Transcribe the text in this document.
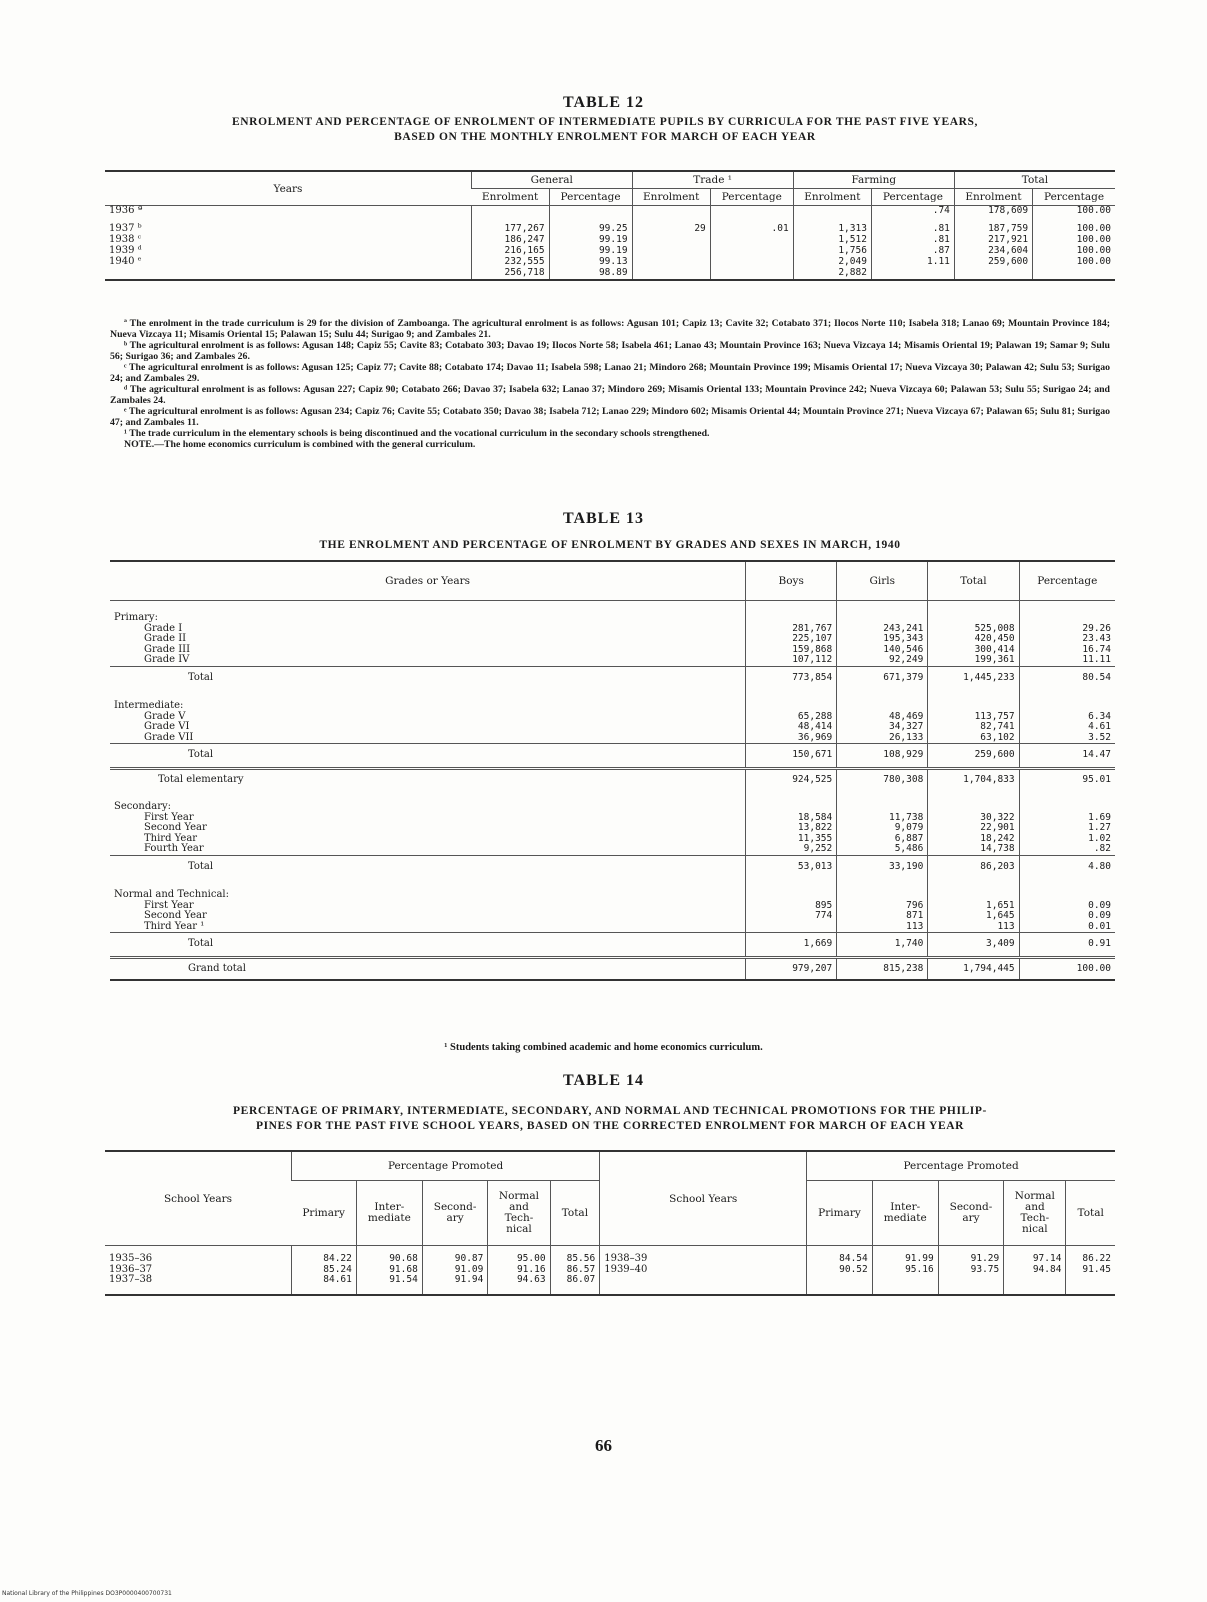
TABLE 12
ENROLMENT AND PERCENTAGE OF ENROLMENT OF INTERMEDIATE PUPILS BY CURRICULA FOR THE PAST FIVE YEARS,
BASED ON THE MONTHLY ENROLMENT FOR MARCH OF EACH YEAR
Years	General		Trade ¹		Farming		Total	
	Enrolment	Percentage	Enrolment	Percentage	Enrolment	Percentage	Enrolment	Percentage
1936 ª						.74	178,609	100.00
1937 ᵇ	177,267	99.25	29	.01	1,313	.81	187,759	100.00
1938 ᶜ	186,247	99.19			1,512	.81	217,921	100.00
1939 ᵈ	216,165	99.19			1,756	.87	234,604	100.00
1940 ᵉ	232,555	99.13			2,049	1.11	259,600	100.00
	256,718	98.89			2,882			

ª The enrolment in the trade curriculum is 29 for the division of Zamboanga. The agricultural enrolment is as follows: Agusan 101; Capiz 13; Cavite 32; Cotabato 371; Ilocos Norte 110; Isabela 318; Lanao 69; Mountain Province 184; Nueva Vizcaya 11; Misamis Oriental 15; Palawan 15; Sulu 44; Surigao 9; and Zambales 21.

ᵇ The agricultural enrolment is as follows: Agusan 148; Capiz 55; Cavite 83; Cotabato 303; Davao 19; Ilocos Norte 58; Isabela 461; Lanao 43; Mountain Province 163; Nueva Vizcaya 14; Misamis Oriental 19; Palawan 19; Samar 9; Sulu 56; Surigao 36; and Zambales 26.

ᶜ The agricultural enrolment is as follows: Agusan 125; Capiz 77; Cavite 88; Cotabato 174; Davao 11; Isabela 598; Lanao 21; Mindoro 268; Mountain Province 199; Misamis Oriental 17; Nueva Vizcaya 30; Palawan 42; Sulu 53; Surigao 24; and Zambales 29.

ᵈ The agricultural enrolment is as follows: Agusan 227; Capiz 90; Cotabato 266; Davao 37; Isabela 632; Lanao 37; Mindoro 269; Misamis Oriental 133; Mountain Province 242; Nueva Vizcaya 60; Palawan 53; Sulu 55; Surigao 24; and Zambales 24.

ᵉ The agricultural enrolment is as follows: Agusan 234; Capiz 76; Cavite 55; Cotabato 350; Davao 38; Isabela 712; Lanao 229; Mindoro 602; Misamis Oriental 44; Mountain Province 271; Nueva Vizcaya 67; Palawan 65; Sulu 81; Surigao 47; and Zambales 11.

¹ The trade curriculum in the elementary schools is being discontinued and the vocational curriculum in the secondary schools strengthened.

NOTE.—The home economics curriculum is combined with the general curriculum.

TABLE 13
THE ENROLMENT AND PERCENTAGE OF ENROLMENT BY GRADES AND SEXES IN MARCH, 1940
Grades or Years	Boys	Girls	Total	Percentage
Primary:				
Grade I	281,767	243,241	525,008	29.26
Grade II	225,107	195,343	420,450	23.43
Grade III	159,868	140,546	300,414	16.74
Grade IV	107,112	92,249	199,361	11.11
Total	773,854	671,379	1,445,233	80.54
Intermediate:				
Grade V	65,288	48,469	113,757	6.34
Grade VI	48,414	34,327	82,741	4.61
Grade VII	36,969	26,133	63,102	3.52
Total	150,671	108,929	259,600	14.47
Total elementary	924,525	780,308	1,704,833	95.01
Secondary:				
First Year	18,584	11,738	30,322	1.69
Second Year	13,822	9,079	22,901	1.27
Third Year	11,355	6,887	18,242	1.02
Fourth Year	9,252	5,486	14,738	.82
Total	53,013	33,190	86,203	4.80
Normal and Technical:				
First Year	895	796	1,651	0.09
Second Year	774	871	1,645	0.09
Third Year ¹		113	113	0.01
Total	1,669	1,740	3,409	0.91
Grand total	979,207	815,238	1,794,445	100.00
¹ Students taking combined academic and home economics curriculum.
TABLE 14
PERCENTAGE OF PRIMARY, INTERMEDIATE, SECONDARY, AND NORMAL AND TECHNICAL PROMOTIONS FOR THE PHILIP-
PINES FOR THE PAST FIVE SCHOOL YEARS, BASED ON THE CORRECTED ENROLMENT FOR MARCH OF EACH YEAR
School Years	Percentage Promoted					School Years	Percentage Promoted				
	Primary	Inter-
mediate	Second-
ary	Normal
and
Tech-
nical	Total		Primary	Inter-
mediate	Second-
ary	Normal
and
Tech-
nical	Total
1935–36	84.22	90.68	90.87	95.00	85.56	1938–39	84.54	91.99	91.29	97.14	86.22
1936–37	85.24	91.68	91.09	91.16	86.57	1939–40	90.52	95.16	93.75	94.84	91.45
1937–38	84.61	91.54	91.94	94.63	86.07						
66
National Library of the Philippines DO3P0000400700731
